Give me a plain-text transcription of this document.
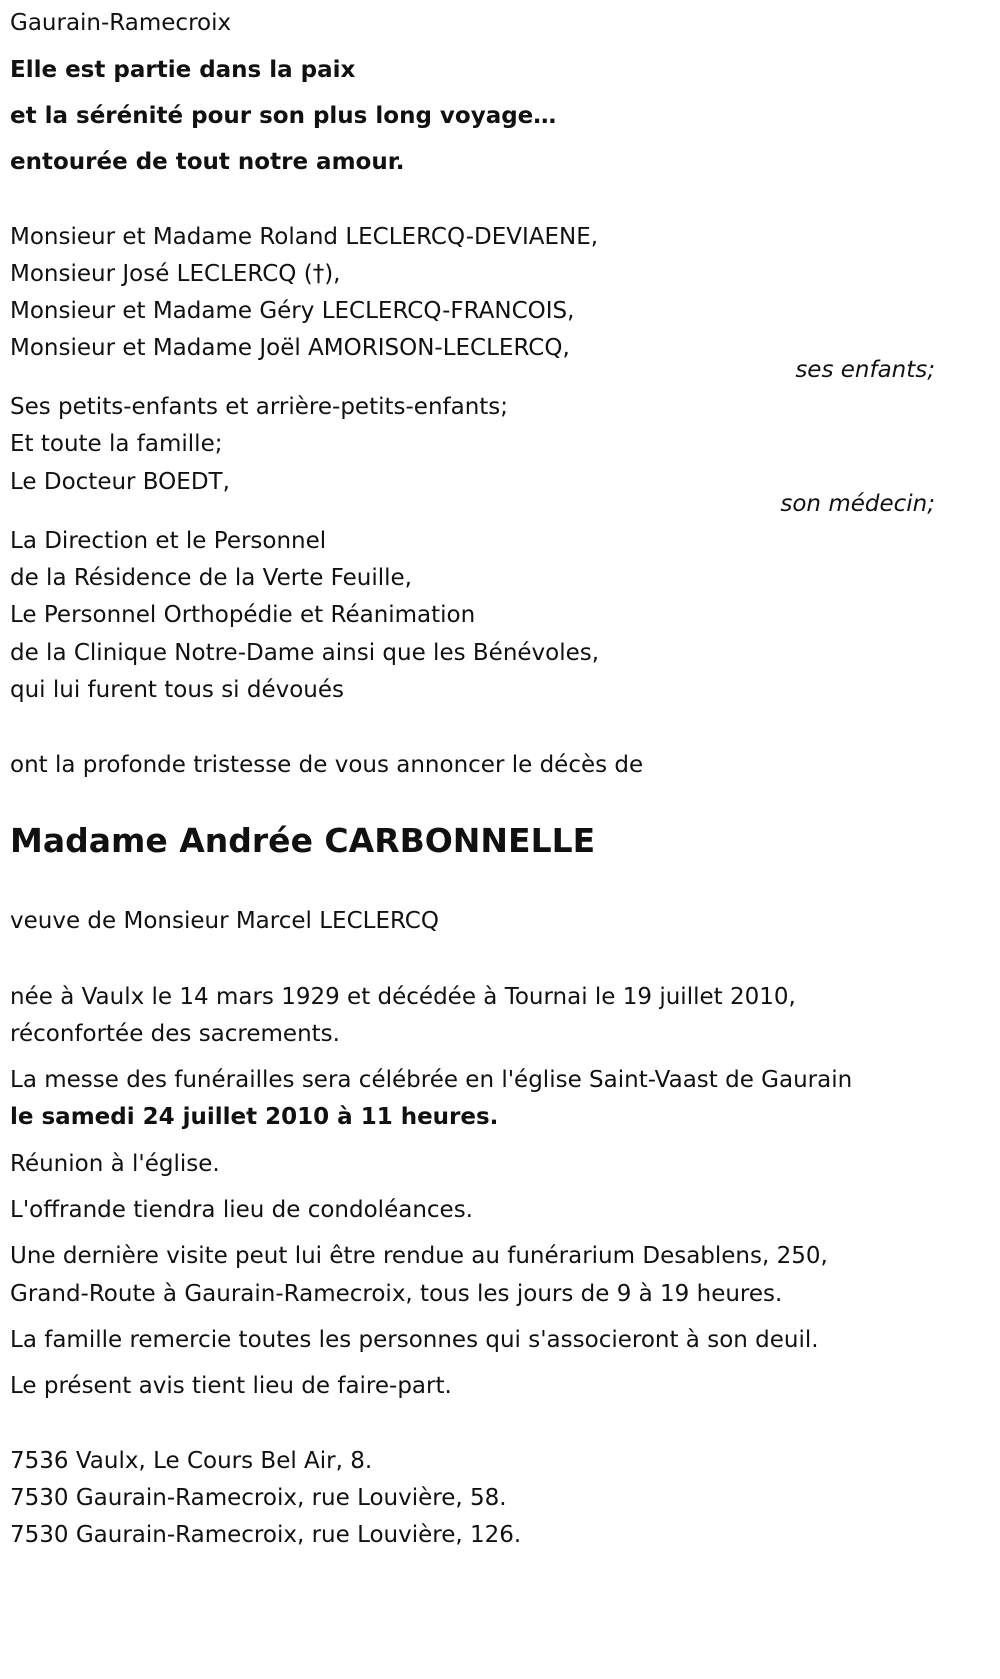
Gaurain-Ramecroix
Elle est partie dans la paix
et la sérénité pour son plus long voyage…
entourée de tout notre amour.
Monsieur et Madame Roland LECLERCQ-DEVIAENE,
Monsieur José LECLERCQ (†),
Monsieur et Madame Géry LECLERCQ-FRANCOIS,
Monsieur et Madame Joël AMORISON-LECLERCQ,
ses enfants;
Ses petits-enfants et arrière-petits-enfants;
Et toute la famille;
Le Docteur BOEDT,
son médecin;
La Direction et le Personnel
de la Résidence de la Verte Feuille,
Le Personnel Orthopédie et Réanimation
de la Clinique Notre-Dame ainsi que les Bénévoles,
qui lui furent tous si dévoués
ont la profonde tristesse de vous annoncer le décès de
Madame Andrée CARBONNELLE
veuve de Monsieur Marcel LECLERCQ
née à Vaulx le 14 mars 1929 et décédée à Tournai le 19 juillet 2010,
réconfortée des sacrements.
La messe des funérailles sera célébrée en l'église Saint-Vaast de Gaurain
le samedi 24 juillet 2010 à 11 heures.
Réunion à l'église.
L'offrande tiendra lieu de condoléances.
Une dernière visite peut lui être rendue au funérarium Desablens, 250,
Grand-Route à Gaurain-Ramecroix, tous les jours de 9 à 19 heures.
La famille remercie toutes les personnes qui s'associeront à son deuil.
Le présent avis tient lieu de faire-part.
7536 Vaulx, Le Cours Bel Air, 8.
7530 Gaurain-Ramecroix, rue Louvière, 58.
7530 Gaurain-Ramecroix, rue Louvière, 126.
